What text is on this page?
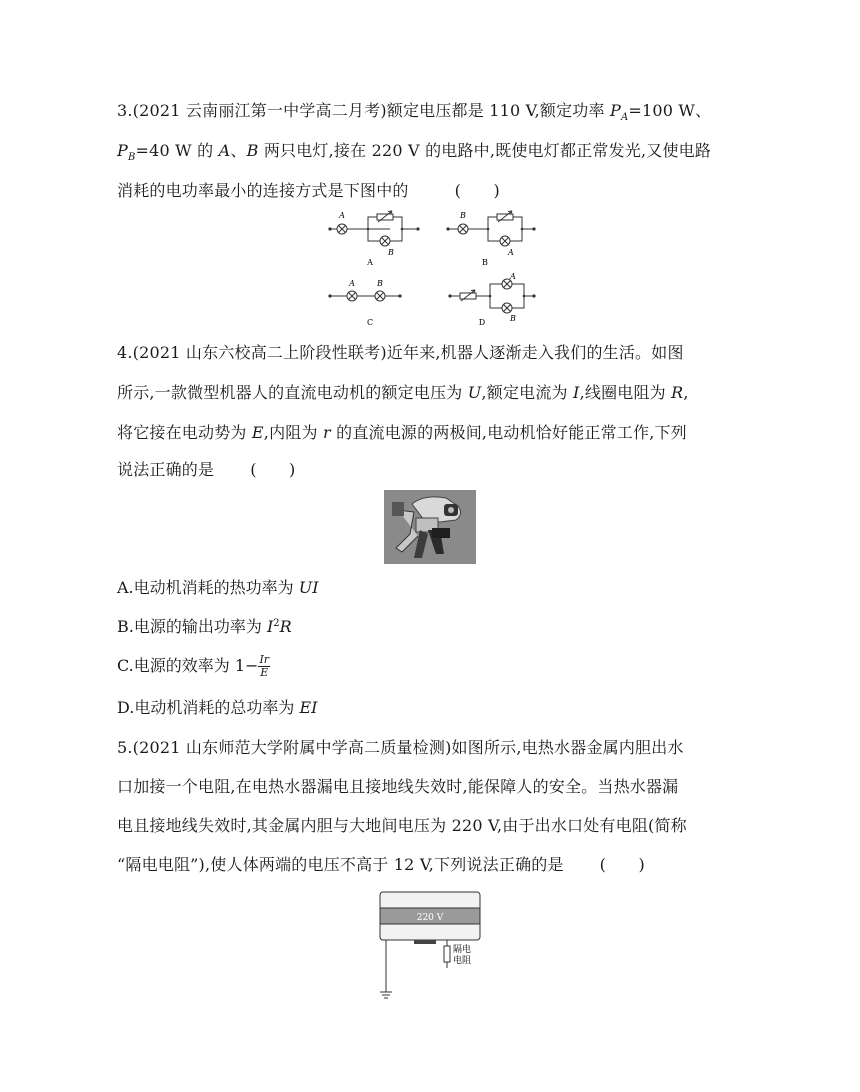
3.(2021 云南丽江第一中学高二月考)额定电压都是 110 V,额定功率 $P_A=100$ W、
$P_B=40$ W 的 A、B 两只电灯,接在 220 V 的电路中,既使电灯都正常发光,又使电路
消耗的电功率最小的连接方式是下图中的	(　　)
A
B
A
B
A
B
A	B
C
A
B
D
4.(2021 山东六校高二上阶段性联考)近年来,机器人逐渐走入我们的生活。如图
所示,一款微型机器人的直流电动机的额定电压为 U,额定电流为 I,线圈电阻为 R,
将它接在电动势为 E,内阻为 r 的直流电源的两极间,电动机恰好能正常工作,下列
说法正确的是 (　　)
A.电动机消耗的热功率为 UI
B.电源的输出功率为 $I^2R$
C.电源的效率为 $1- \frac{Ir}{E}$
D.电动机消耗的总功率为 EI
5.(2021 山东师范大学附属中学高二质量检测)如图所示,电热水器金属内胆出水
口加接一个电阻,在电热水器漏电且接地线失效时,能保障人的安全。当热水器漏
电且接地线失效时,其金属内胆与大地间电压为 220 V,由于出水口处有电阻(简称
“隔电电阻”),使人体两端的电压不高于 12 V,下列说法正确的是 (　　)
220 V
隔电
电阻
